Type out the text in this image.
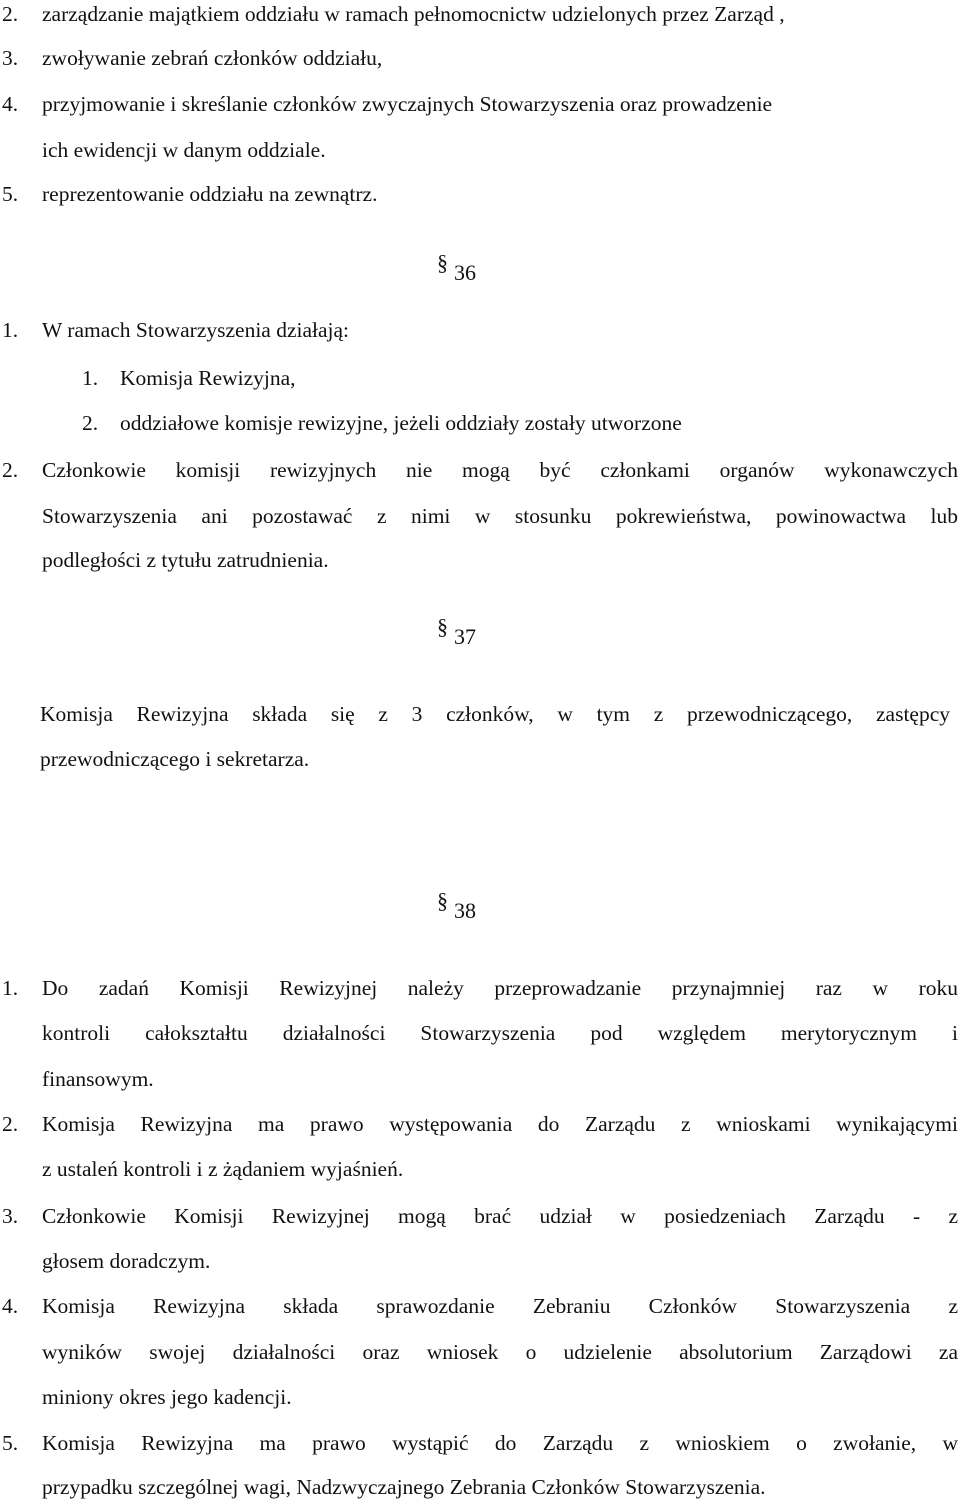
2. zarządzanie majątkiem oddziału w ramach pełnomocnictw udzielonych przez Zarząd ,
3. zwoływanie zebrań członków oddziału,
4. przyjmowanie i skreślanie członków zwyczajnych Stowarzyszenia oraz prowadzenie
ich ewidencji w danym oddziale.
5. reprezentowanie oddziału na zewnątrz.
§ 36
1. W ramach Stowarzyszenia działają:
1. Komisja Rewizyjna,
2. oddziałowe komisje rewizyjne, jeżeli oddziały zostały utworzone
2. Członkowie komisji rewizyjnych nie mogą być członkami organów wykonawczych
Stowarzyszenia ani pozostawać z nimi w stosunku pokrewieństwa, powinowactwa lub
podległości z tytułu zatrudnienia.
§ 37
Komisja Rewizyjna składa się z 3 członków, w tym z przewodniczącego, zastępcy
przewodniczącego i sekretarza.
§ 38
1. Do zadań Komisji Rewizyjnej należy przeprowadzanie przynajmniej raz w roku
kontroli całokształtu działalności Stowarzyszenia pod względem merytorycznym i
finansowym.
2. Komisja Rewizyjna ma prawo występowania do Zarządu z wnioskami wynikającymi
z ustaleń kontroli i z żądaniem wyjaśnień.
3. Członkowie Komisji Rewizyjnej mogą brać udział w posiedzeniach Zarządu - z
głosem doradczym.
4. Komisja Rewizyjna składa sprawozdanie Zebraniu Członków Stowarzyszenia z
wyników swojej działalności oraz wniosek o udzielenie absolutorium Zarządowi za
miniony okres jego kadencji.
5. Komisja Rewizyjna ma prawo wystąpić do Zarządu z wnioskiem o zwołanie, w
przypadku szczególnej wagi, Nadzwyczajnego Zebrania Członków Stowarzyszenia.
